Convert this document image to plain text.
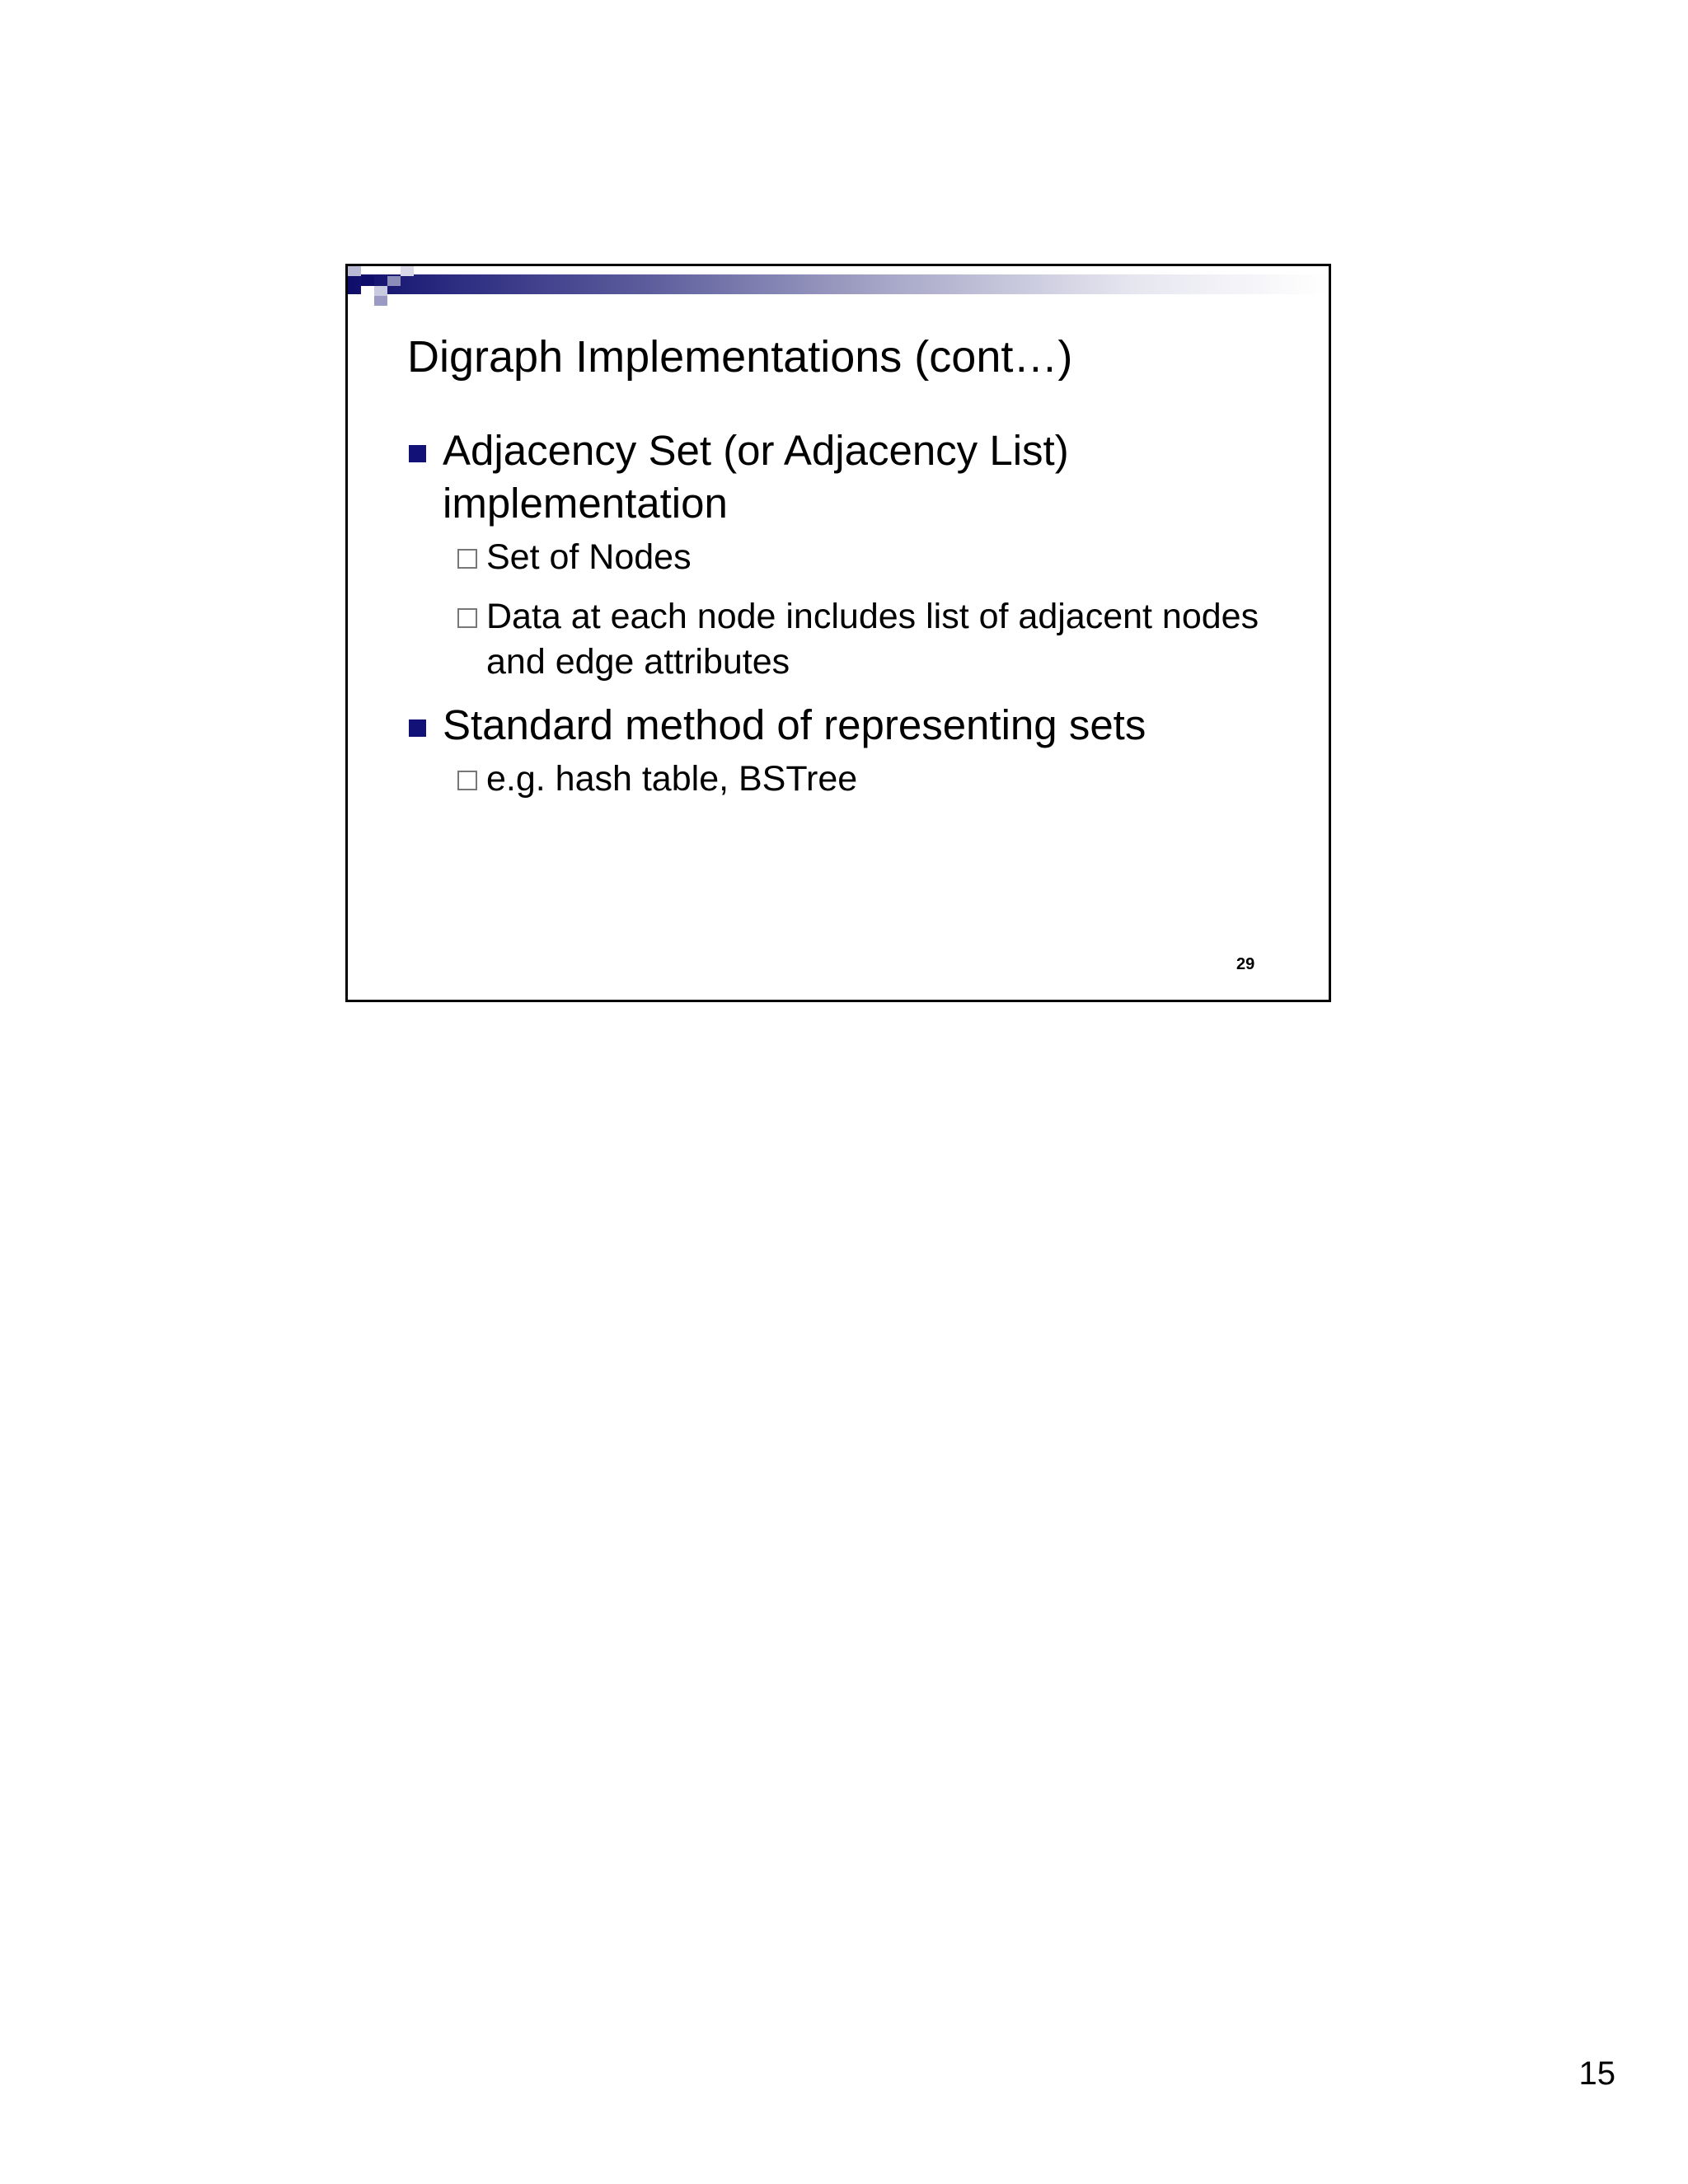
Digraph Implementations (cont…)
Adjacency Set (or Adjacency List) implementation
Set of Nodes
Data at each node includes list of adjacent nodes and edge attributes
Standard method of representing sets
e.g. hash table, BSTree
29
15
